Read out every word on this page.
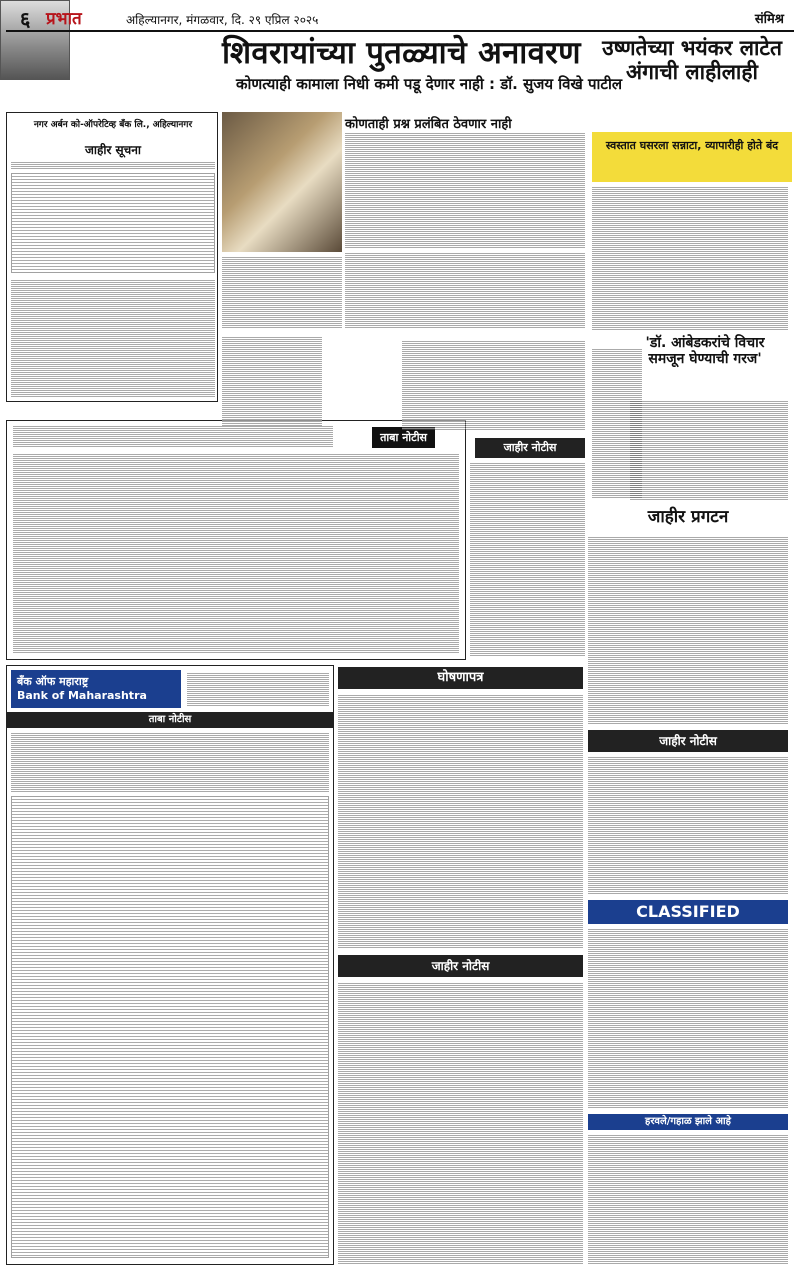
६ प्रभात	अहिल्यानगर, मंगळवार, दि. २९ एप्रिल २०२५	संमिश्र
शिवरायांच्या पुतळ्याचे अनावरण
कोणत्याही कामाला निधी कमी पडू देणार नाही : डॉ. सुजय विखे पाटील
उष्णतेच्या भयंकर लाटेत अंगाची लाहीलाही
नगर अर्बन को-ऑपरेटिव्ह बँक लि., अहिल्यानगर
जाहीर सूचना
ताबा नोटीस
बँक ऑफ महाराष्ट्र
Bank of Maharashtra
ताबा नोटीस
कोणताही प्रश्न प्रलंबित ठेवणार नाही
स्वस्तात घसरला सन्नाटा, व्यापारीही होते बंद
जाहीर नोटीस
घोषणापत्र
जाहीर नोटीस
'डॉ. आंबेडकरांचे विचार समजून घेण्याची गरज'
जाहीर प्रगटन
जाहीर नोटीस
CLASSIFIED
हरवले/गहाळ झाले आहे
